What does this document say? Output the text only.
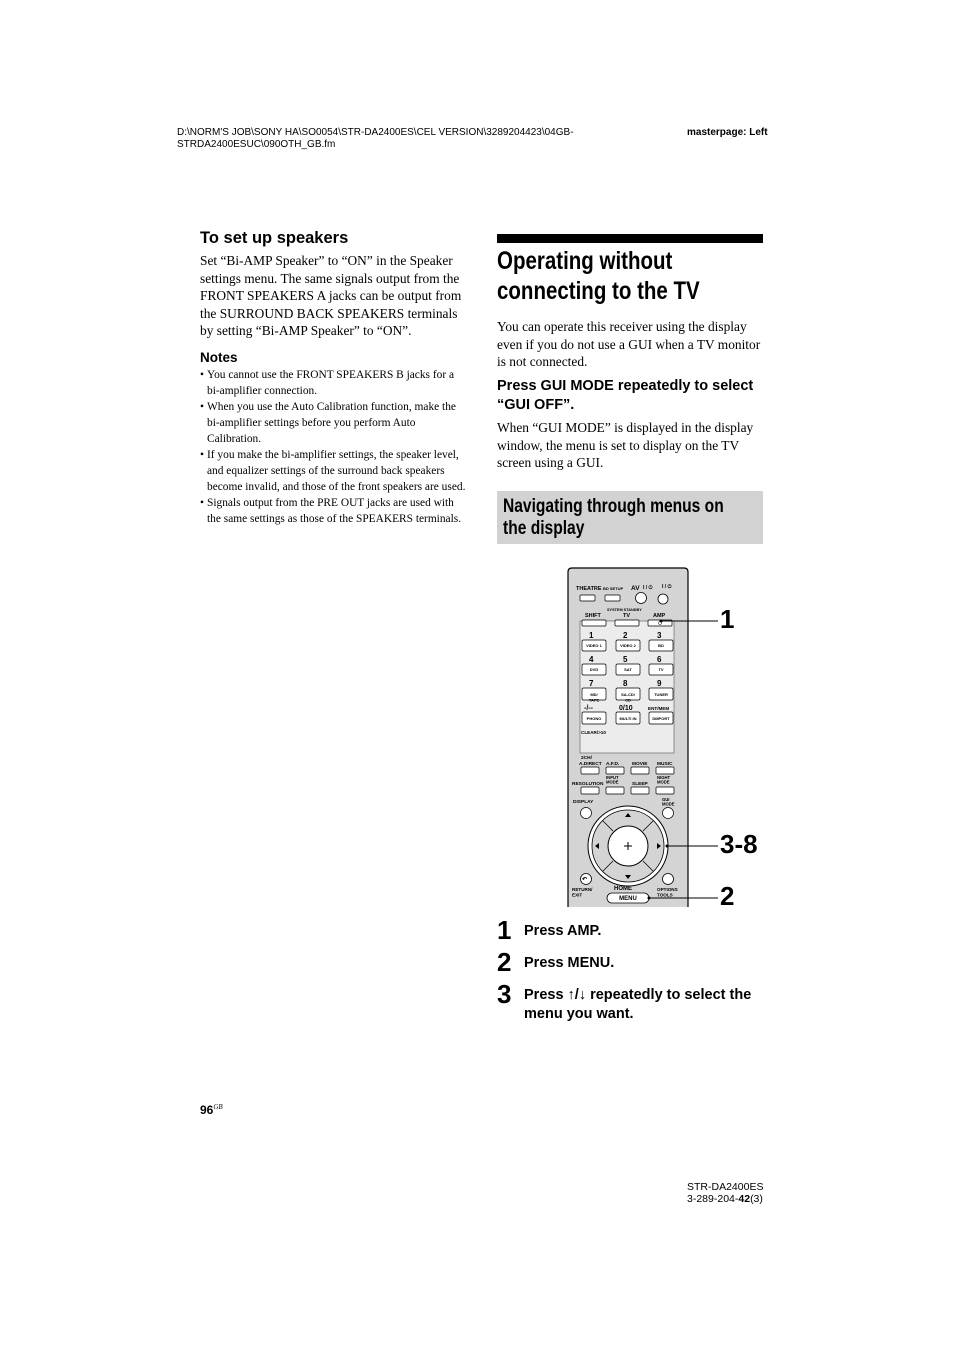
D:\NORM'S JOB\SONY HA\SO0054\STR-DA2400ES\CEL VERSION\3289204423\04GB-
STRDA2400ESUC\090OTH_GB.fm
masterpage: Left
To set up speakers
Set “Bi-AMP Speaker” to “ON” in the Speaker settings menu. The same signals output from the FRONT SPEAKERS A jacks can be output from the SURROUND BACK SPEAKERS terminals by setting “Bi-AMP Speaker” to “ON”.
Notes
• You cannot use the FRONT SPEAKERS B jacks for a bi-amplifier connection.
• When you use the Auto Calibration function, make the bi-amplifier settings before you perform Auto Calibration.
• If you make the bi-amplifier settings, the speaker level, and equalizer settings of the surround back speakers become invalid, and those of the front speakers are used.
• Signals output from the PRE OUT jacks are used with the same settings as those of the SPEAKERS terminals.
Operating without
connecting to the TV
You can operate this receiver using the display even if you do not use a GUI when a TV monitor is not connected.
Press GUI MODE repeatedly to select “GUI OFF”.
When “GUI MODE” is displayed in the display window, the menu is set to display on the TV screen using a GUI.
Navigating through menus on
the display
THEATRE BD SETUP AV I / ⏻ I / ⏻
SYSTEM STANDBY
SHIFT	TV	AMP
1	2	3
4	5	6
7	8	9
VIDEO 1	VIDEO 2	BD
DVD	SAT	TV
MD/ TAPE
SA-CD/ CD
TUNER
PHONO	MULTI IN	DMPORT
-/--	0/10	ENT/MEM
CLEAR/>10
2CH/
A.DIRECT A.F.D.	MOVIE MUSIC
RESOLUTION
INPUT MODE
SLEEP
NIGHT MODE
DISPLAY
GUI MODE
↶
RETURN/ EXIT
HOME	OPTIONS TOOLS
MENU
1
3-8
2
1 Press AMP.
2 Press MENU.
3 Press ↑/↓ repeatedly to select the menu you want.
$96^{GB}$
STR-DA2400ES
3-289-204-42(3)
